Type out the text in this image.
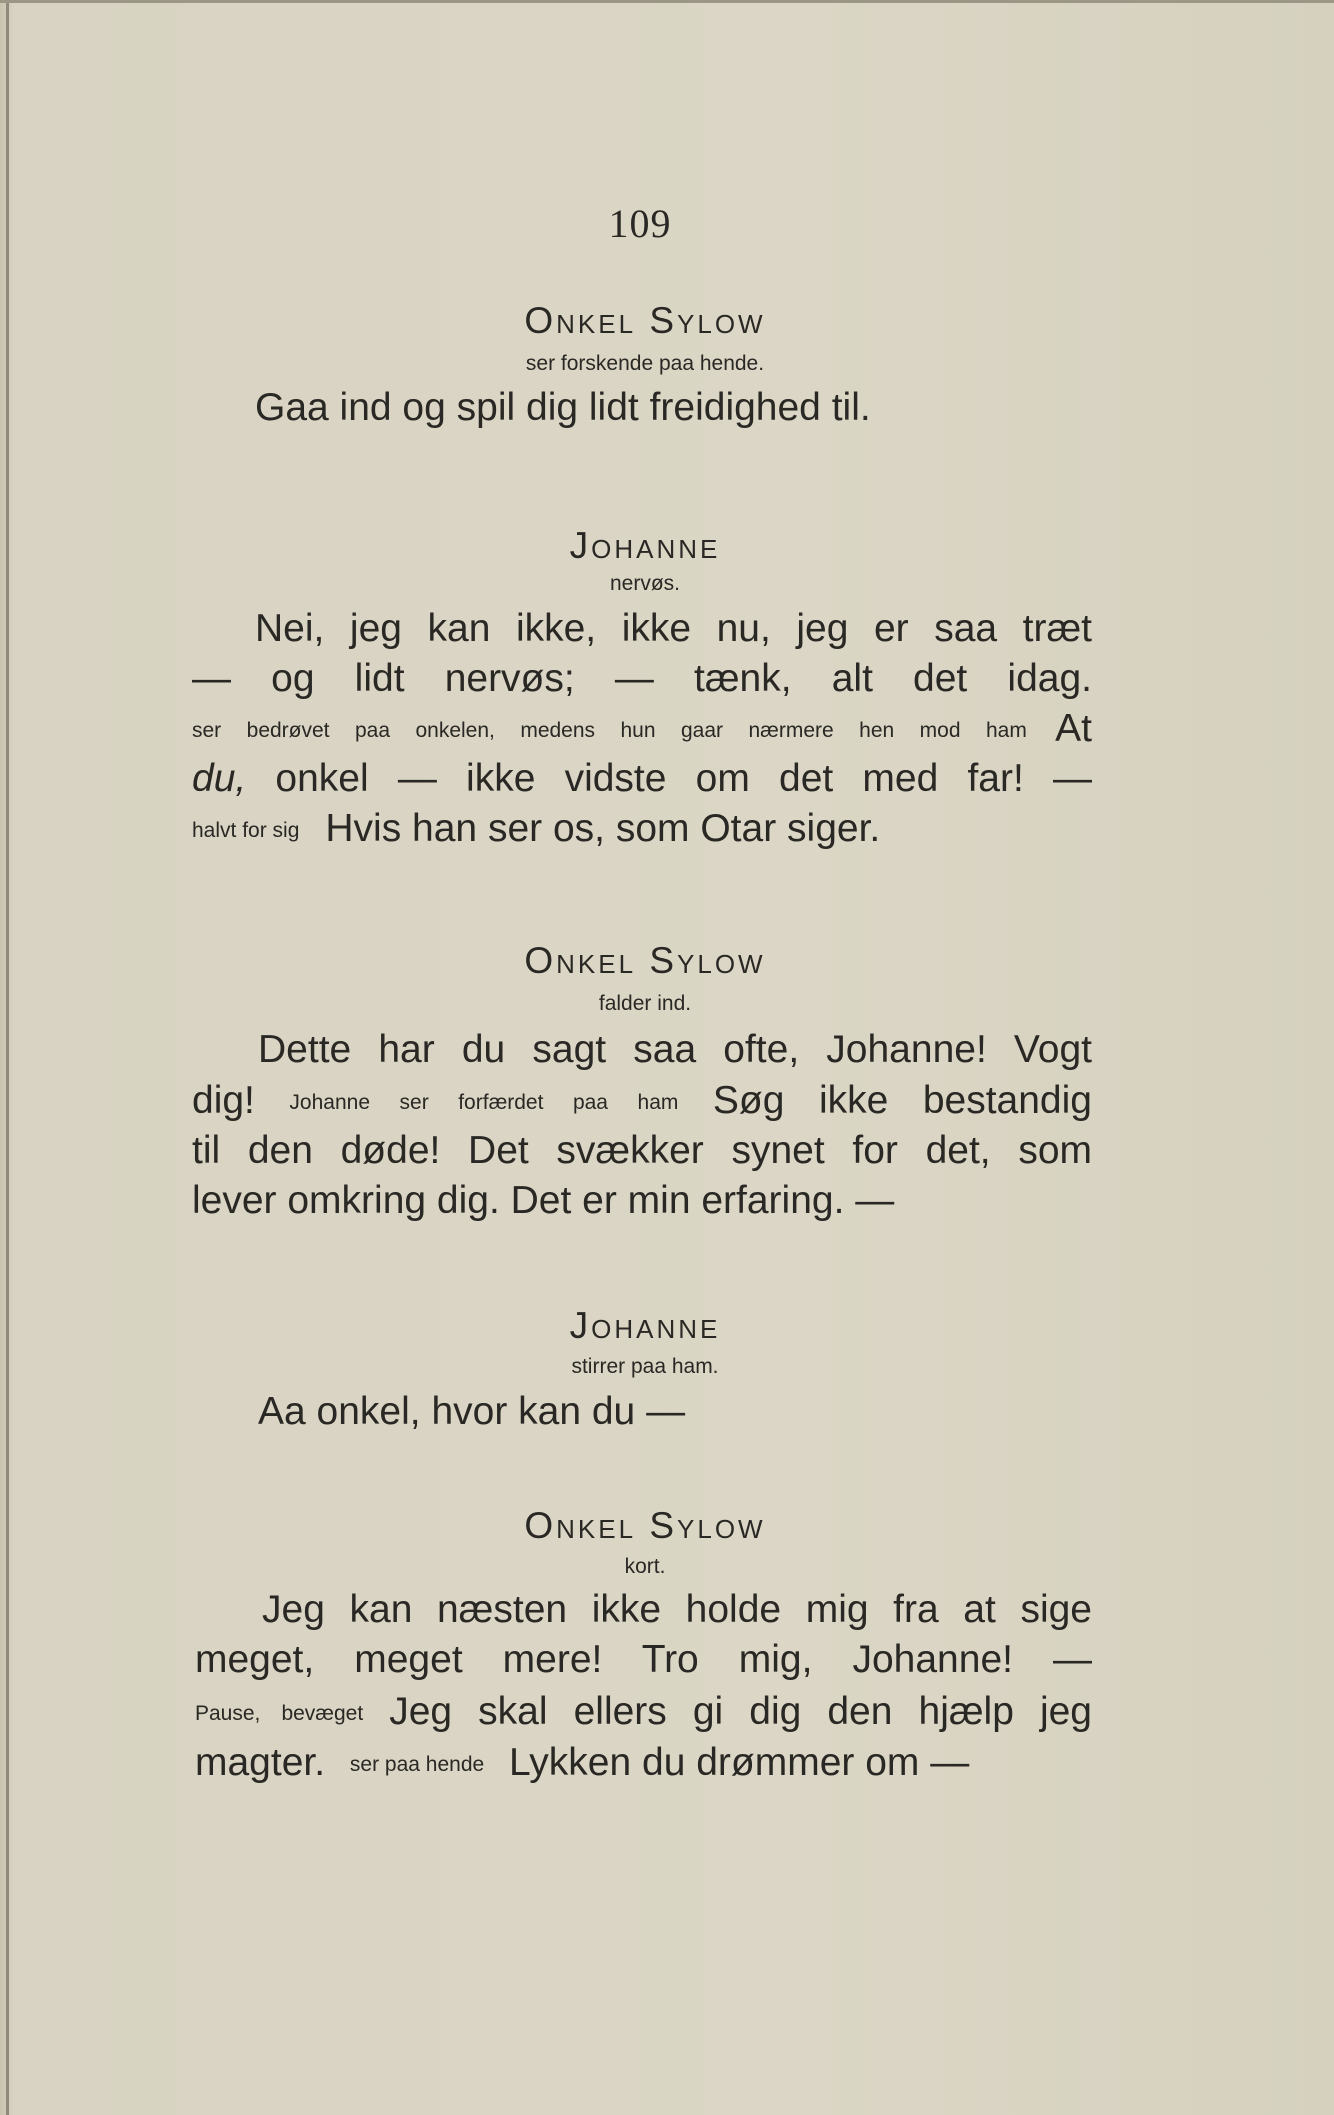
109
Onkel Sylow
ser forskende paa hende.
Gaa ind og spil dig lidt freidighed til.
Johanne
nervøs.
Nei, jeg kan ikke, ikke nu, jeg er saa træt
— og lidt nervøs; — tænk, alt det idag.
ser bedrøvet paa onkelen, medens hun gaar nærmere hen mod ham At
du, onkel — ikke vidste om det med far! —
halvt for sig Hvis han ser os, som Otar siger.
Onkel Sylow
falder ind.
Dette har du sagt saa ofte, Johanne! Vogt
dig! Johanne ser forfærdet paa ham Søg ikke bestandig
til den døde! Det svækker synet for det, som
lever omkring dig. Det er min erfaring. —
Johanne
stirrer paa ham.
Aa onkel, hvor kan du —
Onkel Sylow
kort.
Jeg kan næsten ikke holde mig fra at sige
meget, meget mere! Tro mig, Johanne! —
Pause, bevæget Jeg skal ellers gi dig den hjælp jeg
magter. ser paa hende Lykken du drømmer om —
